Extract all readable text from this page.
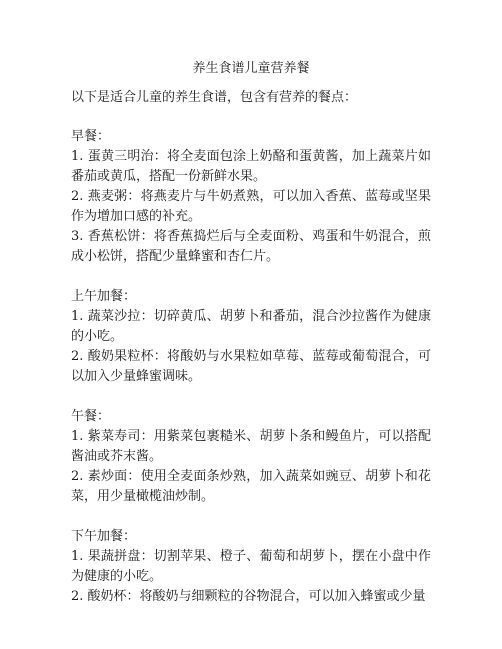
养生食谱儿童营养餐
以下是适合儿童的养生食谱，包含有营养的餐点：

早餐：

1. 蛋黄三明治：将全麦面包涂上奶酪和蛋黄酱，加上蔬菜片如番茄或黄瓜，搭配一份新鲜水果。

2. 燕麦粥：将燕麦片与牛奶煮熟，可以加入香蕉、蓝莓或坚果作为增加口感的补充。

3. 香蕉松饼：将香蕉捣烂后与全麦面粉、鸡蛋和牛奶混合，煎成小松饼，搭配少量蜂蜜和杏仁片。

上午加餐：

1. 蔬菜沙拉：切碎黄瓜、胡萝卜和番茄，混合沙拉酱作为健康的小吃。

2. 酸奶果粒杯：将酸奶与水果粒如草莓、蓝莓或葡萄混合，可以加入少量蜂蜜调味。

午餐：

1. 紫菜寿司：用紫菜包裹糙米、胡萝卜条和鳗鱼片，可以搭配酱油或芥末酱。

2. 素炒面：使用全麦面条炒熟，加入蔬菜如豌豆、胡萝卜和花菜，用少量橄榄油炒制。

下午加餐：

1. 果蔬拼盘：切割苹果、橙子、葡萄和胡萝卜，摆在小盘中作为健康的小吃。

2. 酸奶杯：将酸奶与细颗粒的谷物混合，可以加入蜂蜜或少量
